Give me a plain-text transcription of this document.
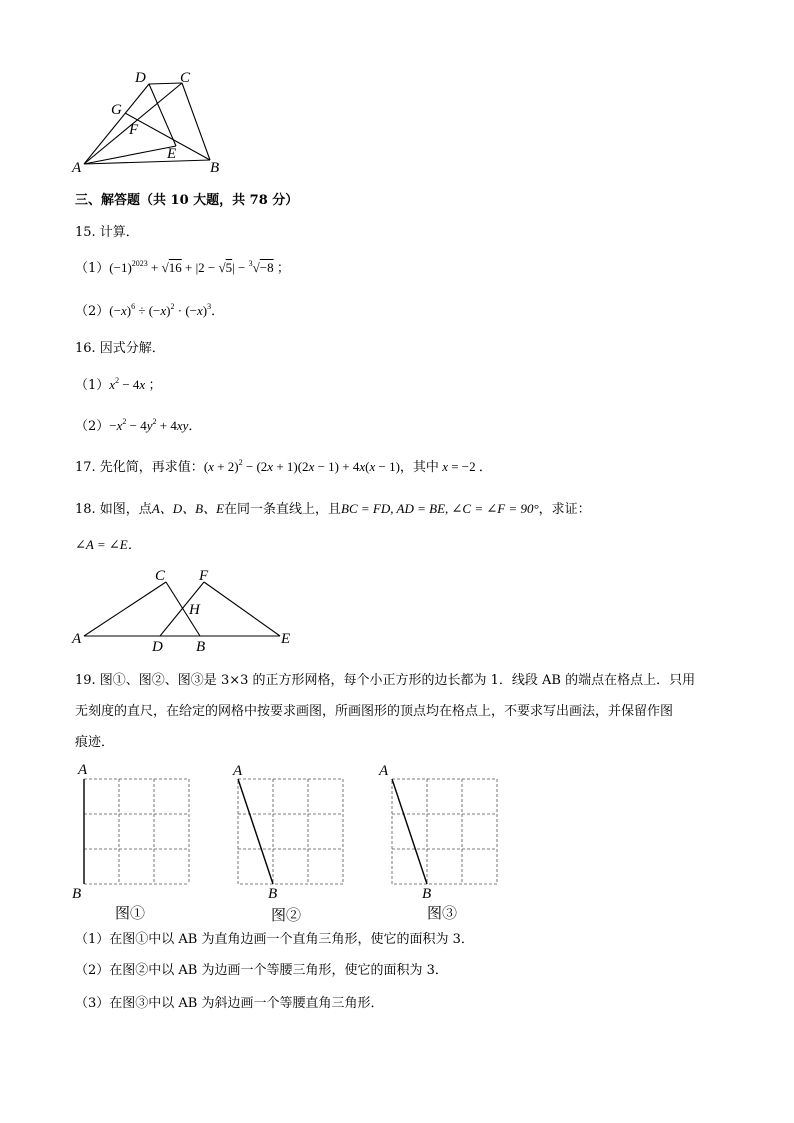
D C
G
F
E
A	B
三、解答题（共 10 大题，共 78 分）
15. 计算．
$(1)(-1)^{2023} + √16 + |2 - √5| - ^3√-8$ ；
$(2)(-x)^6 \div (-x)^2 \cdot (-x)^3$．
16. 因式分解．
$(1)x^2 - 4x$ ；
$(2)-x^2 - 4y^2 + 4xy$．
17. 先化简，再求值：$(x + 2)^2 - (2x + 1)(2x - 1) + 4x(x - 1)$，其中 x = −2 ．
18. 如图，点A、D、B、E在同一条直线上，且BC = FD, AD = BE, ∠C = ∠F = 90°，求证：
∠A = ∠E．
C F
H
A	D B	E
19. 图①、图②、图③是 3×3 的正方形网格，每个小正方形的边长都为 1．线段 AB 的端点在格点上．只用
无刻度的直尺，在给定的网格中按要求画图，所画图形的顶点均在格点上，不要求写出画法，并保留作图
痕迹．
A
B
图①
A
B
图②
A
B
图③
（1）在图①中以 AB 为直角边画一个直角三角形，使它的面积为 3．
（2）在图②中以 AB 为边画一个等腰三角形，使它的面积为 3．
（3）在图③中以 AB 为斜边画一个等腰直角三角形．
